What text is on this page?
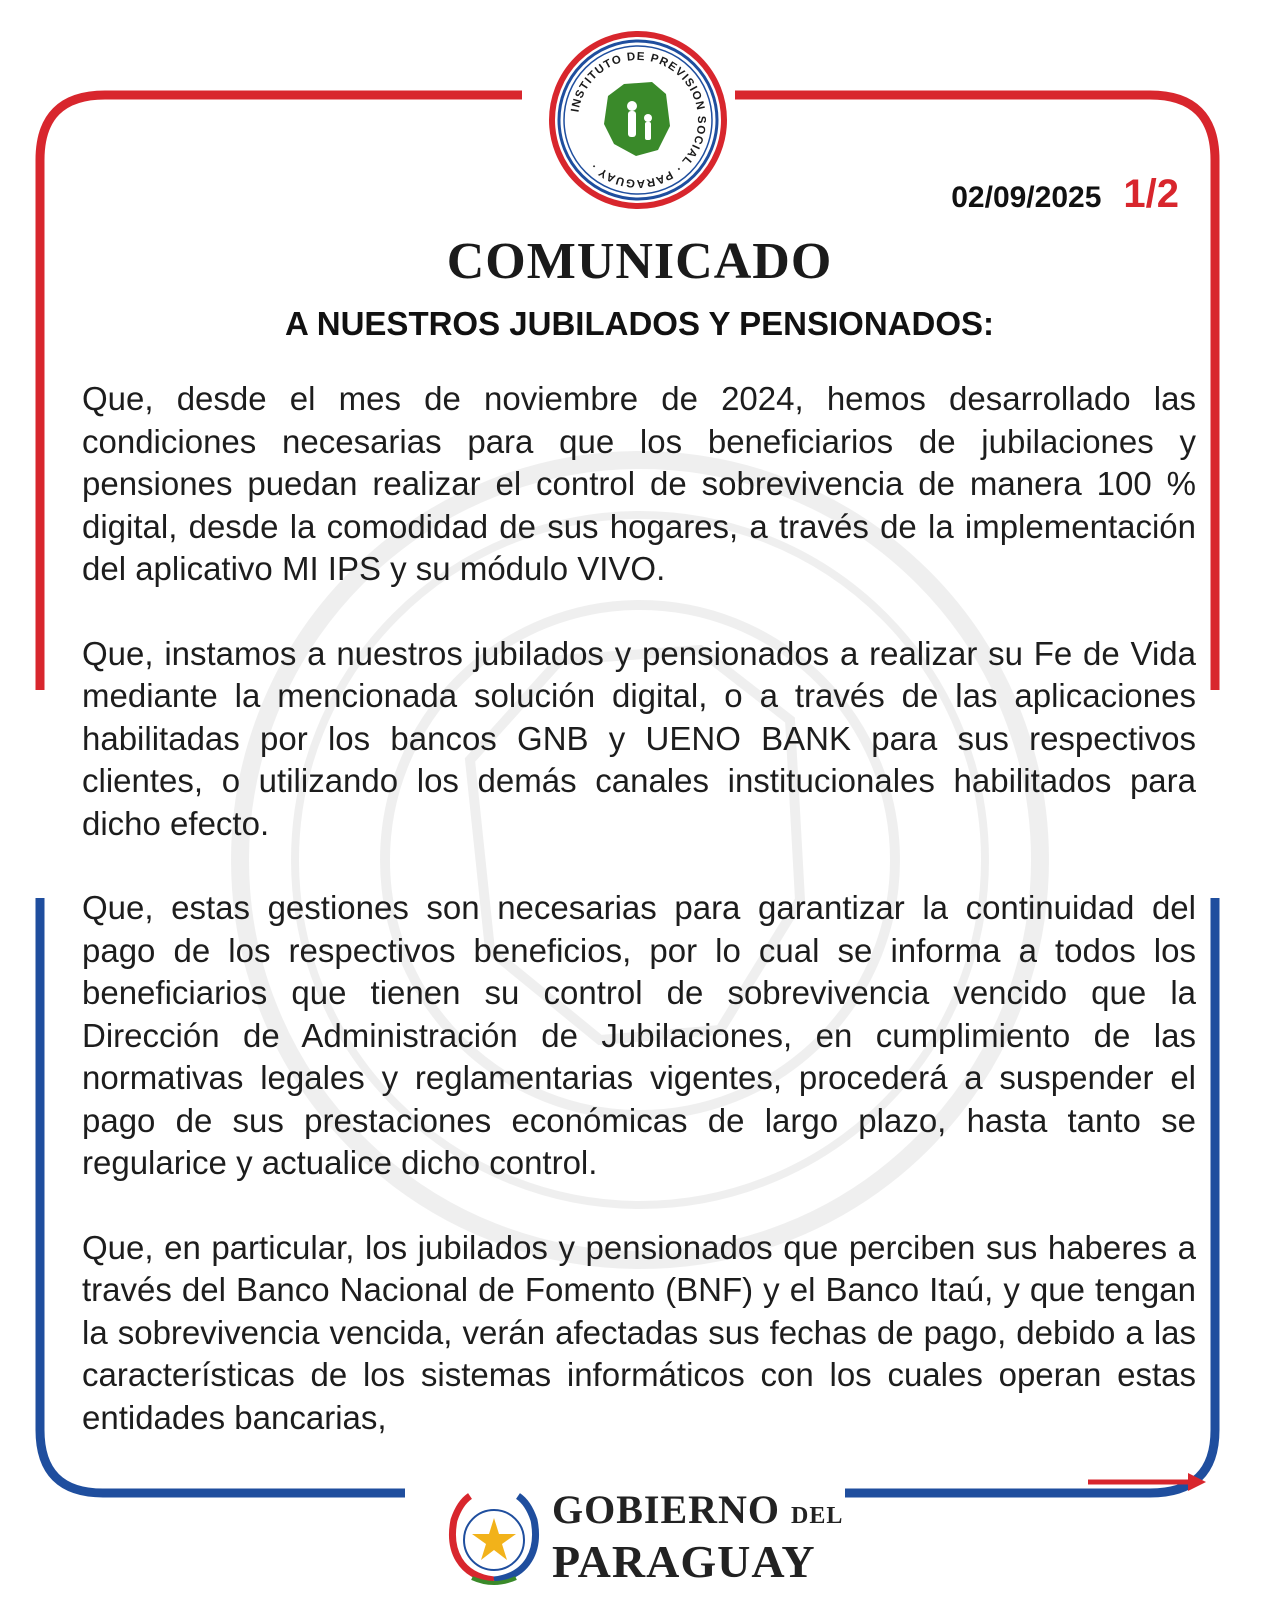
INSTITUTO DE PREVISION SOCIAL · PARAGUAY ·
02/09/2025 1/2
COMUNICADO
A NUESTROS JUBILADOS Y PENSIONADOS:

Que, desde el mes de noviembre de 2024, hemos desarrollado las condiciones necesarias para que los beneficiarios de jubilaciones y pensiones puedan realizar el control de sobrevivencia de manera 100 % digital, desde la comodidad de sus hogares, a través de la implementación del aplicativo MI IPS y su módulo VIVO.

Que, instamos a nuestros jubilados y pensionados a realizar su Fe de Vida mediante la mencionada solución digital, o a través de las aplicaciones habilitadas por los bancos GNB y UENO BANK para sus respectivos clientes, o utilizando los demás canales institucionales habilitados para dicho efecto.

Que, estas gestiones son necesarias para garantizar la continuidad del pago de los respectivos beneficios, por lo cual se informa a todos los beneficiarios que tienen su control de sobrevivencia vencido que la Dirección de Administración de Jubilaciones, en cumplimiento de las normativas legales y reglamentarias vigentes, procederá a suspender el pago de sus prestaciones económicas de largo plazo, hasta tanto se regularice y actualice dicho control.

Que, en particular, los jubilados y pensionados que perciben sus haberes a través del Banco Nacional de Fomento (BNF) y el Banco Itaú, y que tengan la sobrevivencia vencida, verán afectadas sus fechas de pago, debido a las características de los sistemas informáticos con los cuales operan estas entidades bancarias,

GOBIERNO DEL
PARAGUAY
